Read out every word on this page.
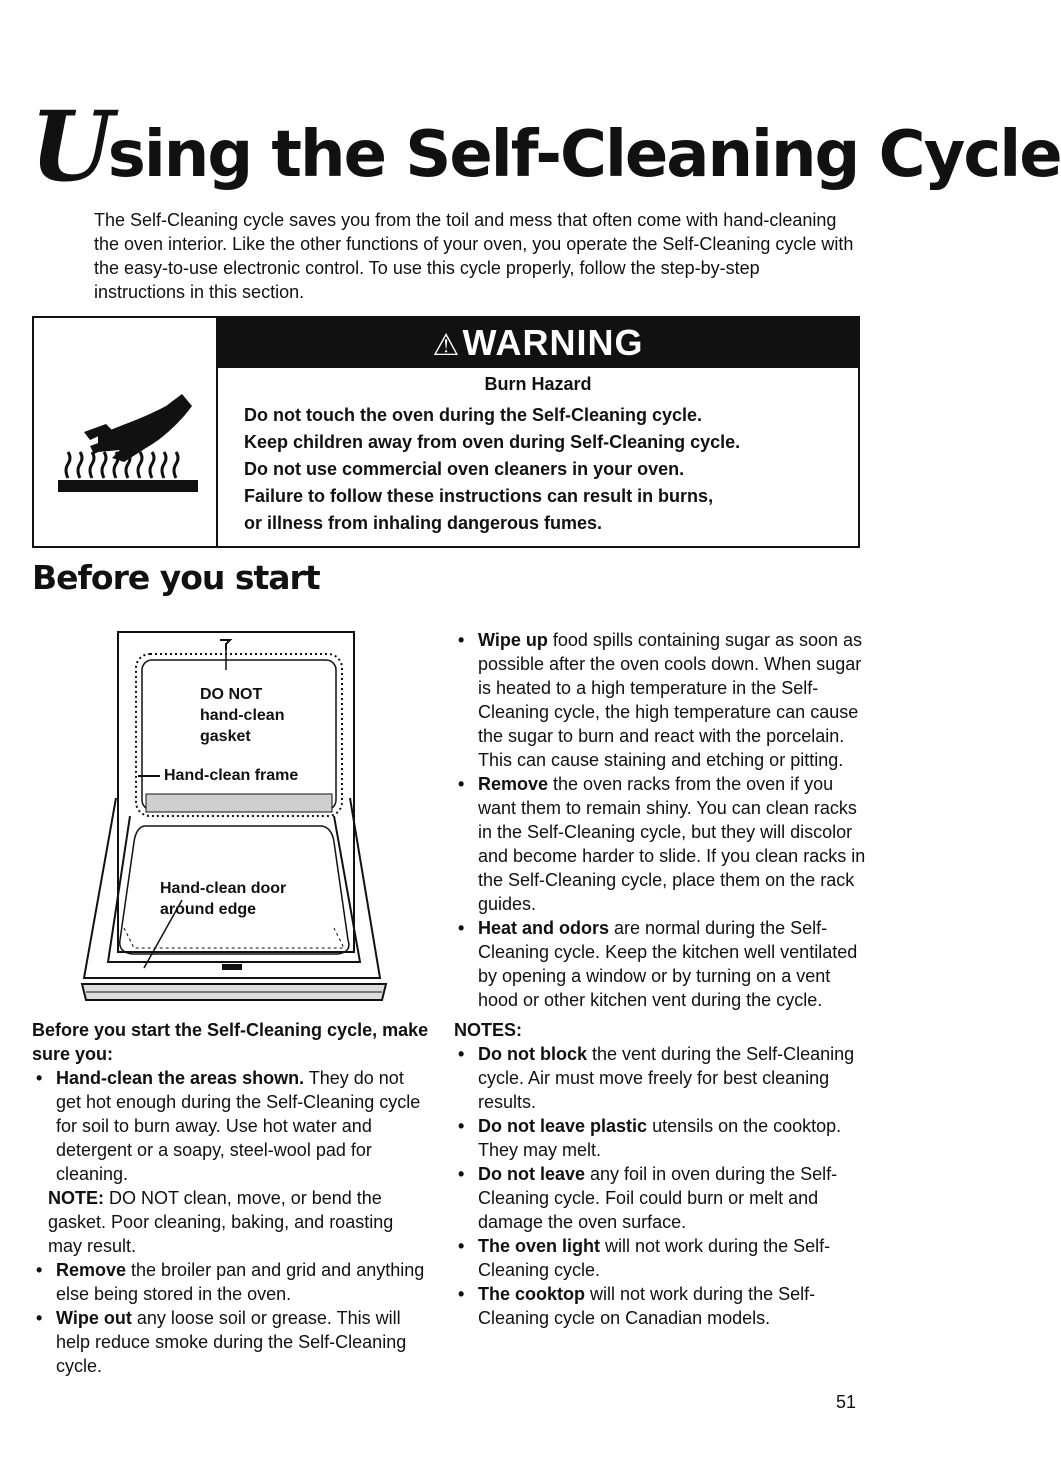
Using the Self-Cleaning Cycle

The Self-Cleaning cycle saves you from the toil and mess that often come with hand-cleaning the oven interior. Like the other functions of your oven, you operate the Self-Cleaning cycle with the easy-to-use electronic control. To use this cycle properly, follow the step-by-step instructions in this section.

⚠WARNING
Burn Hazard
Do not touch the oven during the Self-Cleaning cycle.
Keep children away from oven during Self-Cleaning cycle.
Do not use commercial oven cleaners in your oven.
Failure to follow these instructions can result in burns,
or illness from inhaling dangerous fumes.
Before you start
DO NOT
hand-clean
gasket
Hand-clean frame
Hand-clean door
around edge

Before you start the Self-Cleaning cycle, make sure you:

• Hand-clean the areas shown. They do not get hot enough during the Self-Cleaning cycle for soil to burn away. Use hot water and detergent or a soapy, steel-wool pad for cleaning.

NOTE: DO NOT clean, move, or bend the gasket. Poor cleaning, baking, and roasting may result.

• Remove the broiler pan and grid and anything else being stored in the oven.

• Wipe out any loose soil or grease. This will help reduce smoke during the Self-Cleaning cycle.

• Wipe up food spills containing sugar as soon as possible after the oven cools down. When sugar is heated to a high temperature in the Self-Cleaning cycle, the high temperature can cause the sugar to burn and react with the porcelain. This can cause staining and etching or pitting.

• Remove the oven racks from the oven if you want them to remain shiny. You can clean racks in the Self-Cleaning cycle, but they will discolor and become harder to slide. If you clean racks in the Self-Cleaning cycle, place them on the rack guides.

• Heat and odors are normal during the Self-Cleaning cycle. Keep the kitchen well ventilated by opening a window or by turning on a vent hood or other kitchen vent during the cycle.

NOTES:

• Do not block the vent during the Self-Cleaning cycle. Air must move freely for best cleaning results.

• Do not leave plastic utensils on the cooktop. They may melt.

• Do not leave any foil in oven during the Self-Cleaning cycle. Foil could burn or melt and damage the oven surface.

• The oven light will not work during the Self-Cleaning cycle.

• The cooktop will not work during the Self-Cleaning cycle on Canadian models.

51
